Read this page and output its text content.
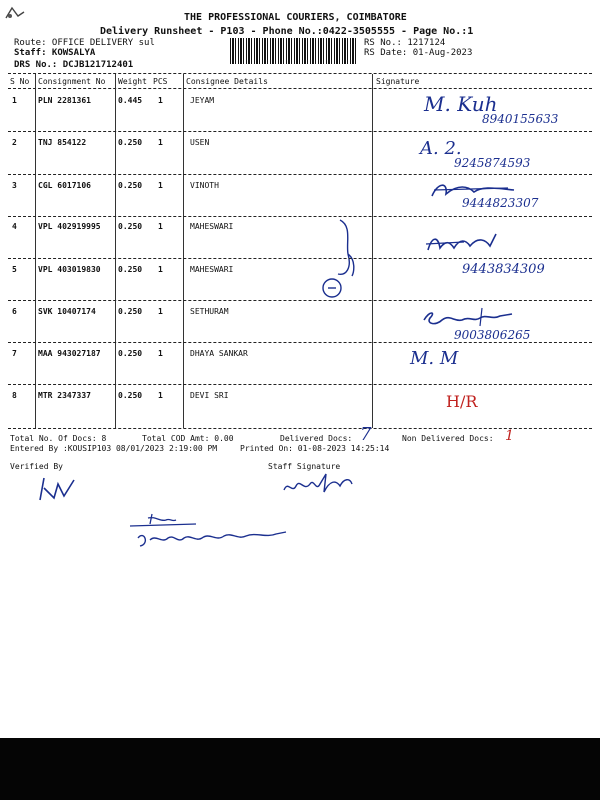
THE PROFESSIONAL COURIERS, COIMBATORE
Delivery Runsheet - P103 - Phone No.:0422-3505555 - Page No.:1
Route: OFFICE DELIVERY sul
Staff: KOWSALYA
DRS No.: DCJB121712401
RS No.: 1217124
RS Date: 01-Aug-2023
S No Consignment No Weight PCS Consignee Details	Signature
1	PLN 2281361	0.445 1	JEYAM	M. Kuh
8940155633
2	TNJ 854122	0.250 1	USEN	A. 2.
9245874593
3	CGL 6017106	0.250 1	VINOTH
9444823307
4	VPL 402919995 0.250 1	MAHESWARI
5	VPL 403019830 0.250 1	MAHESWARI	9443834309
6	SVK 10407174	0.250 1	SETHURAM
9003806265
7	MAA 943027187 0.250 1	DHAYA SANKAR	M. M
8	MTR 2347337	0.250 1	DEVI SRI	H/R
Total No. Of Docs: 8	Total COD Amt: 0.00	Delivered Docs: 7	Non Delivered Docs: 1
Entered By :KOUSIP103 08/01/2023 2:19:00 PM	Printed On: 01-08-2023 14:25:14
Verified By	Staff Signature
